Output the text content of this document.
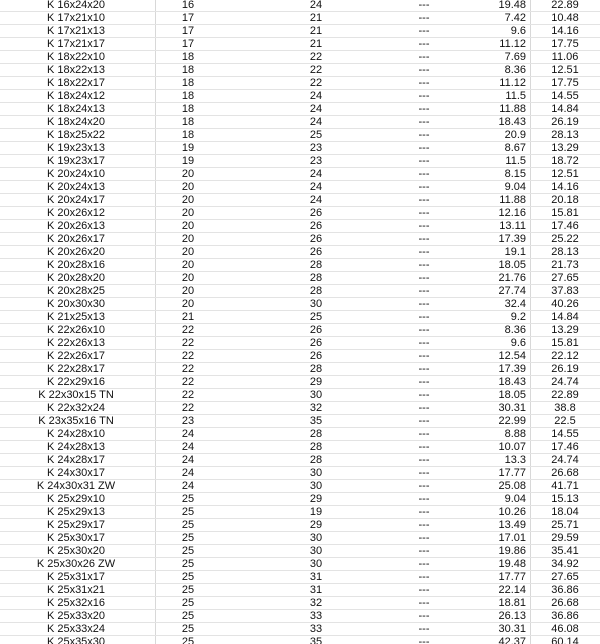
K 16x24x20	16	24	---	19.48	22.89
K 17x21x10	17	21	---	7.42	10.48
K 17x21x13	17	21	---	9.6	14.16
K 17x21x17	17	21	---	11.12	17.75
K 18x22x10	18	22	---	7.69	11.06
K 18x22x13	18	22	---	8.36	12.51
K 18x22x17	18	22	---	11.12	17.75
K 18x24x12	18	24	---	11.5	14.55
K 18x24x13	18	24	---	11.88	14.84
K 18x24x20	18	24	---	18.43	26.19
K 18x25x22	18	25	---	20.9	28.13
K 19x23x13	19	23	---	8.67	13.29
K 19x23x17	19	23	---	11.5	18.72
K 20x24x10	20	24	---	8.15	12.51
K 20x24x13	20	24	---	9.04	14.16
K 20x24x17	20	24	---	11.88	20.18
K 20x26x12	20	26	---	12.16	15.81
K 20x26x13	20	26	---	13.11	17.46
K 20x26x17	20	26	---	17.39	25.22
K 20x26x20	20	26	---	19.1	28.13
K 20x28x16	20	28	---	18.05	21.73
K 20x28x20	20	28	---	21.76	27.65
K 20x28x25	20	28	---	27.74	37.83
K 20x30x30	20	30	---	32.4	40.26
K 21x25x13	21	25	---	9.2	14.84
K 22x26x10	22	26	---	8.36	13.29
K 22x26x13	22	26	---	9.6	15.81
K 22x26x17	22	26	---	12.54	22.12
K 22x28x17	22	28	---	17.39	26.19
K 22x29x16	22	29	---	18.43	24.74
K 22x30x15 TN	22	30	---	18.05	22.89
K 22x32x24	22	32	---	30.31	38.8
K 23x35x16 TN	23	35	---	22.99	22.5
K 24x28x10	24	28	---	8.88	14.55
K 24x28x13	24	28	---	10.07	17.46
K 24x28x17	24	28	---	13.3	24.74
K 24x30x17	24	30	---	17.77	26.68
K 24x30x31 ZW	24	30	---	25.08	41.71
K 25x29x10	25	29	---	9.04	15.13
K 25x29x13	25	19	---	10.26	18.04
K 25x29x17	25	29	---	13.49	25.71
K 25x30x17	25	30	---	17.01	29.59
K 25x30x20	25	30	---	19.86	35.41
K 25x30x26 ZW	25	30	---	19.48	34.92
K 25x31x17	25	31	---	17.77	27.65
K 25x31x21	25	31	---	22.14	36.86
K 25x32x16	25	32	---	18.81	26.68
K 25x33x20	25	33	---	26.13	36.86
K 25x33x24	25	33	---	30.31	46.08
K 25x35x30	25	35	---	42.37	60.14
